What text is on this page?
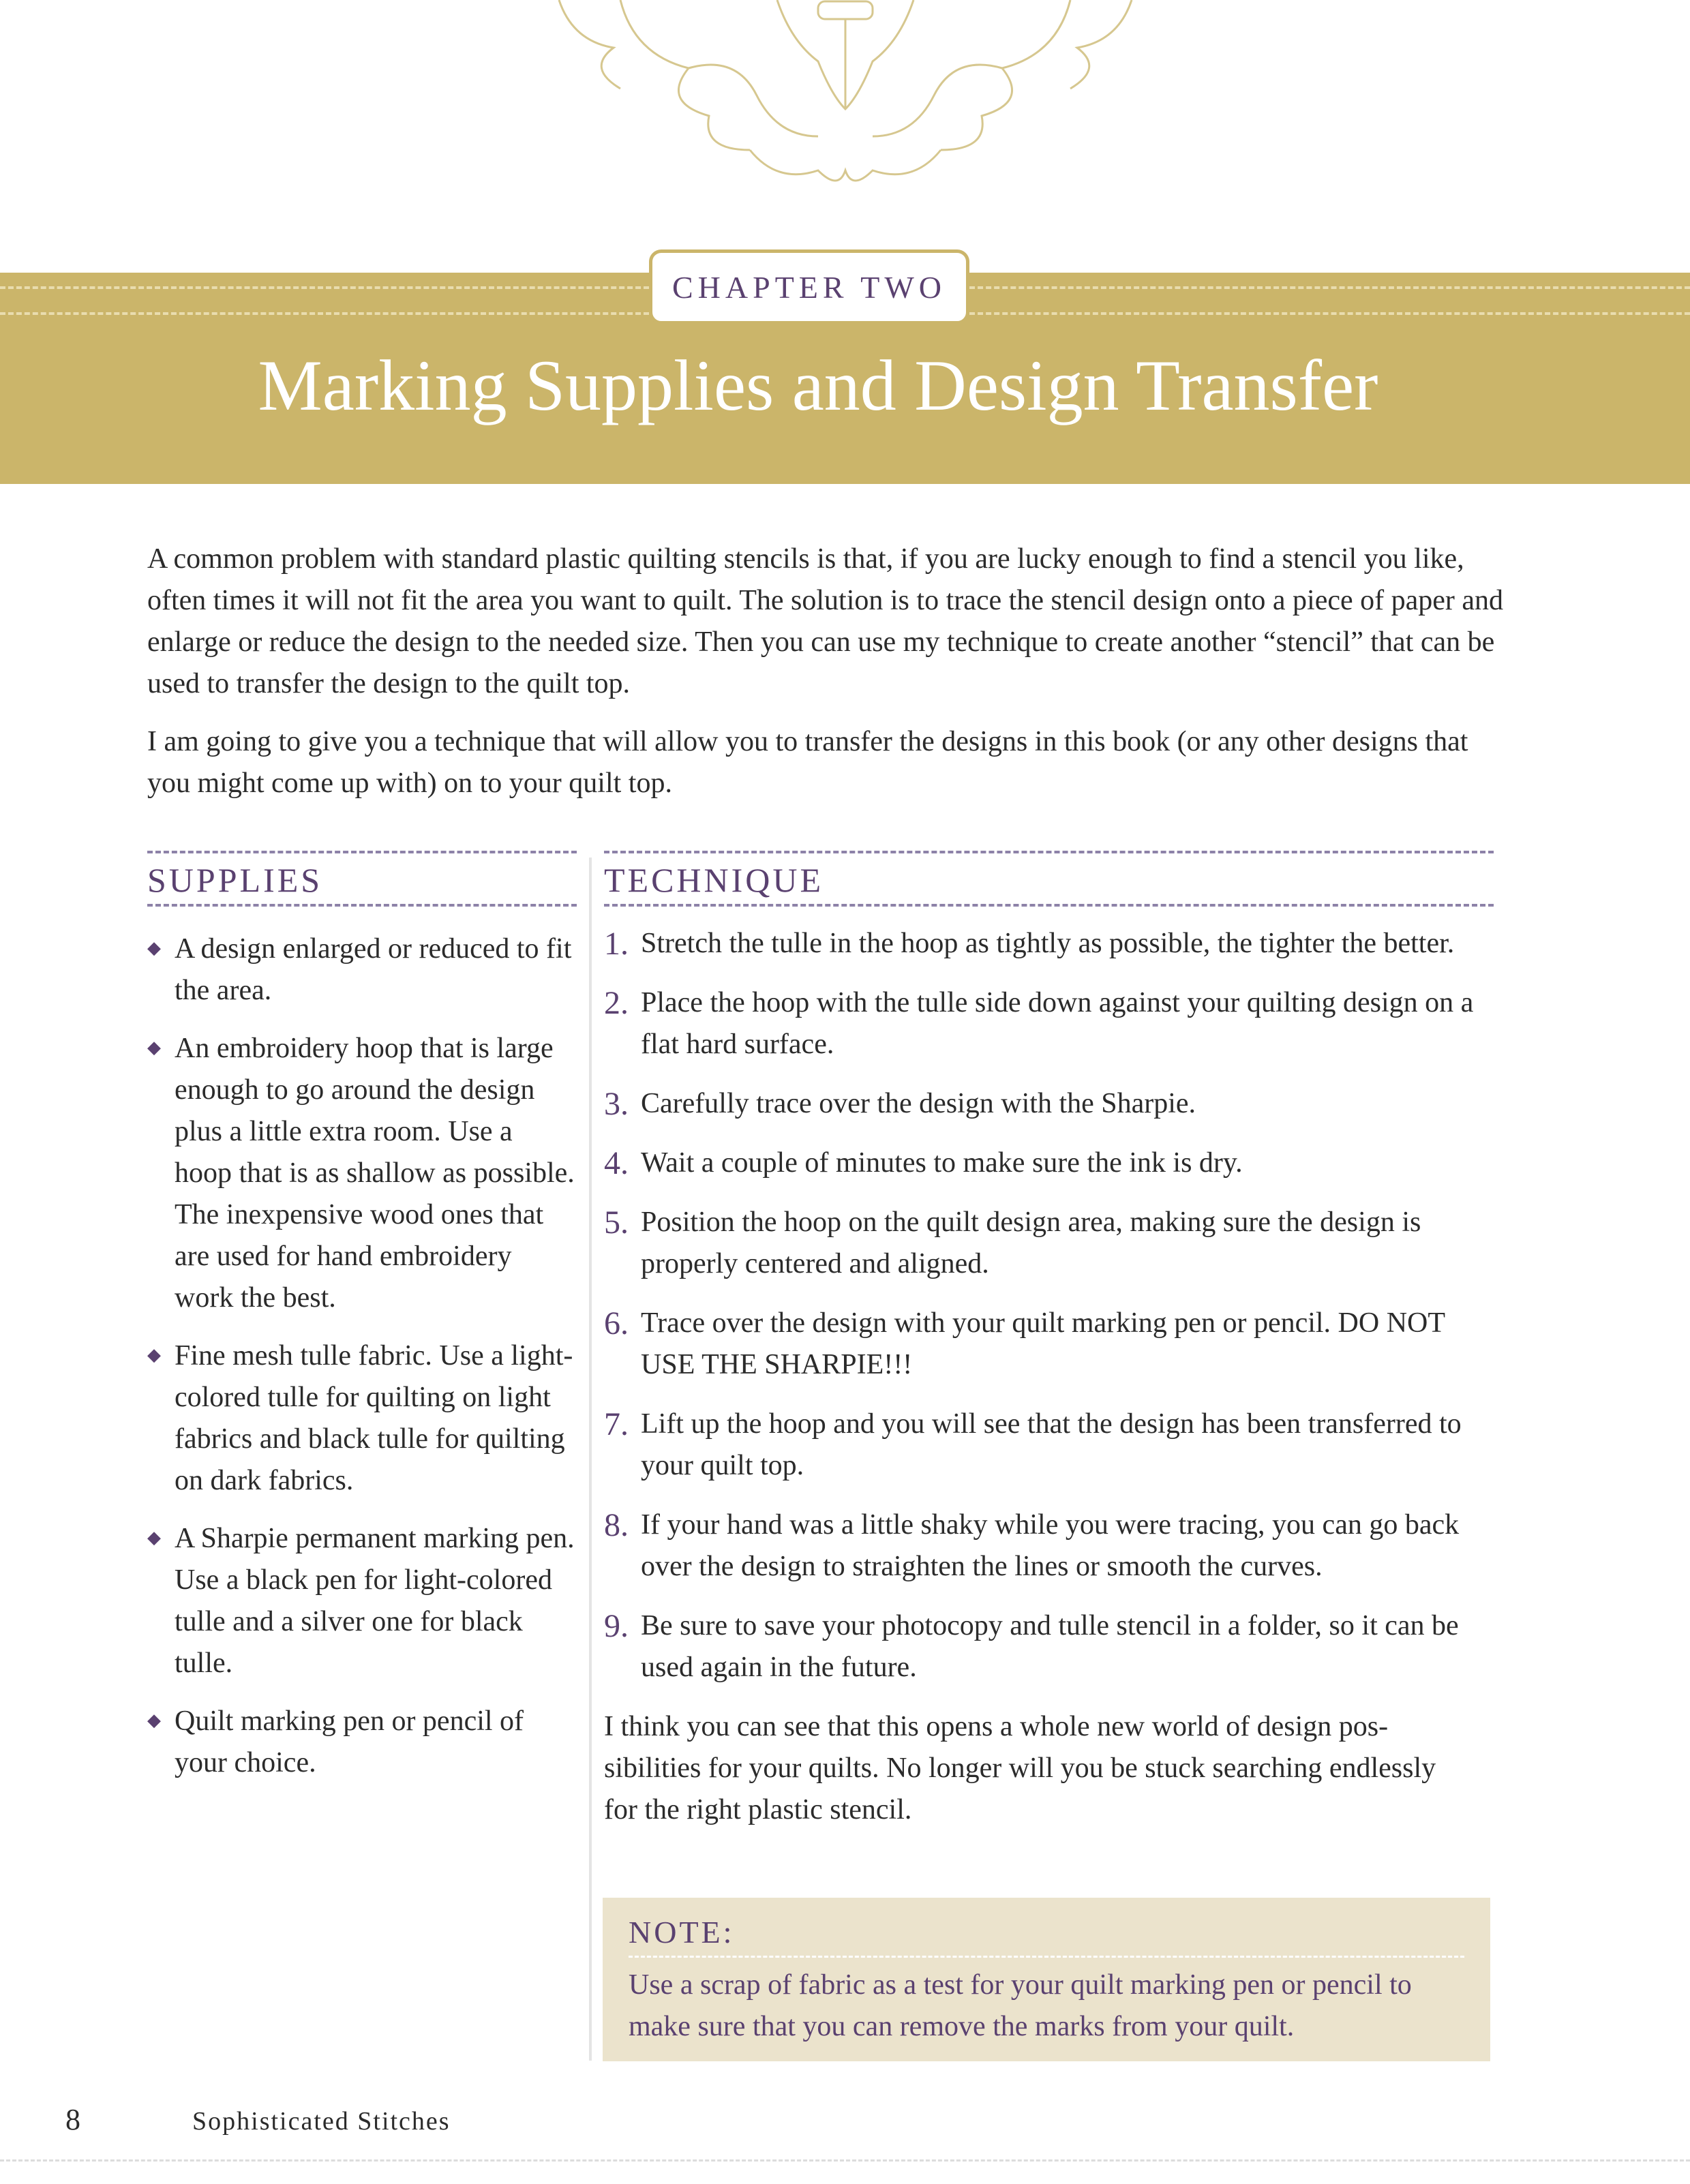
CHAPTER TWO
Marking Supplies and Design Transfer

A common problem with standard plastic quilting stencils is that, if you are lucky enough to find a stencil you like, often times it will not fit the area you want to quilt. The solution is to trace the stencil design onto a piece of paper and enlarge or reduce the design to the needed size. Then you can use my technique to create another “stencil” that can be used to transfer the design to the quilt top.

I am going to give you a technique that will allow you to transfer the designs in this book (or any other designs that you might come up with) on to your quilt top.

SUPPLIES
◆ A design enlarged or reduced to fit the area.
◆ An embroidery hoop that is large enough to go around the design plus a little extra room. Use a hoop that is as shallow as possible. The inexpensive wood ones that are used for hand embroidery work the best.
◆ Fine mesh tulle fabric. Use a light-colored tulle for quilting on light fabrics and black tulle for quilting on dark fabrics.
◆ A Sharpie permanent marking pen. Use a black pen for light-colored tulle and a silver one for black tulle.
◆ Quilt marking pen or pencil of your choice.
TECHNIQUE
1. Stretch the tulle in the hoop as tightly as possible, the tighter the better.
2. Place the hoop with the tulle side down against your quilting design on a flat hard surface.
3. Carefully trace over the design with the Sharpie.
4. Wait a couple of minutes to make sure the ink is dry.
5. Position the hoop on the quilt design area, making sure the design is properly centered and aligned.
6. Trace over the design with your quilt marking pen or pencil. DO NOT USE THE SHARPIE!!!
7. Lift up the hoop and you will see that the design has been transferred to your quilt top.
8. If your hand was a little shaky while you were tracing, you can go back over the design to straighten the lines or smooth the curves.
9. Be sure to save your photocopy and tulle stencil in a folder, so it can be used again in the future.

I think you can see that this opens a whole new world of design pos-sibilities for your quilts. No longer will you be stuck searching endlessly for the right plastic stencil.

NOTE:
Use a scrap of fabric as a test for your quilt marking pen or pencil to make sure that you can remove the marks from your quilt.
8	Sophisticated Stitches
